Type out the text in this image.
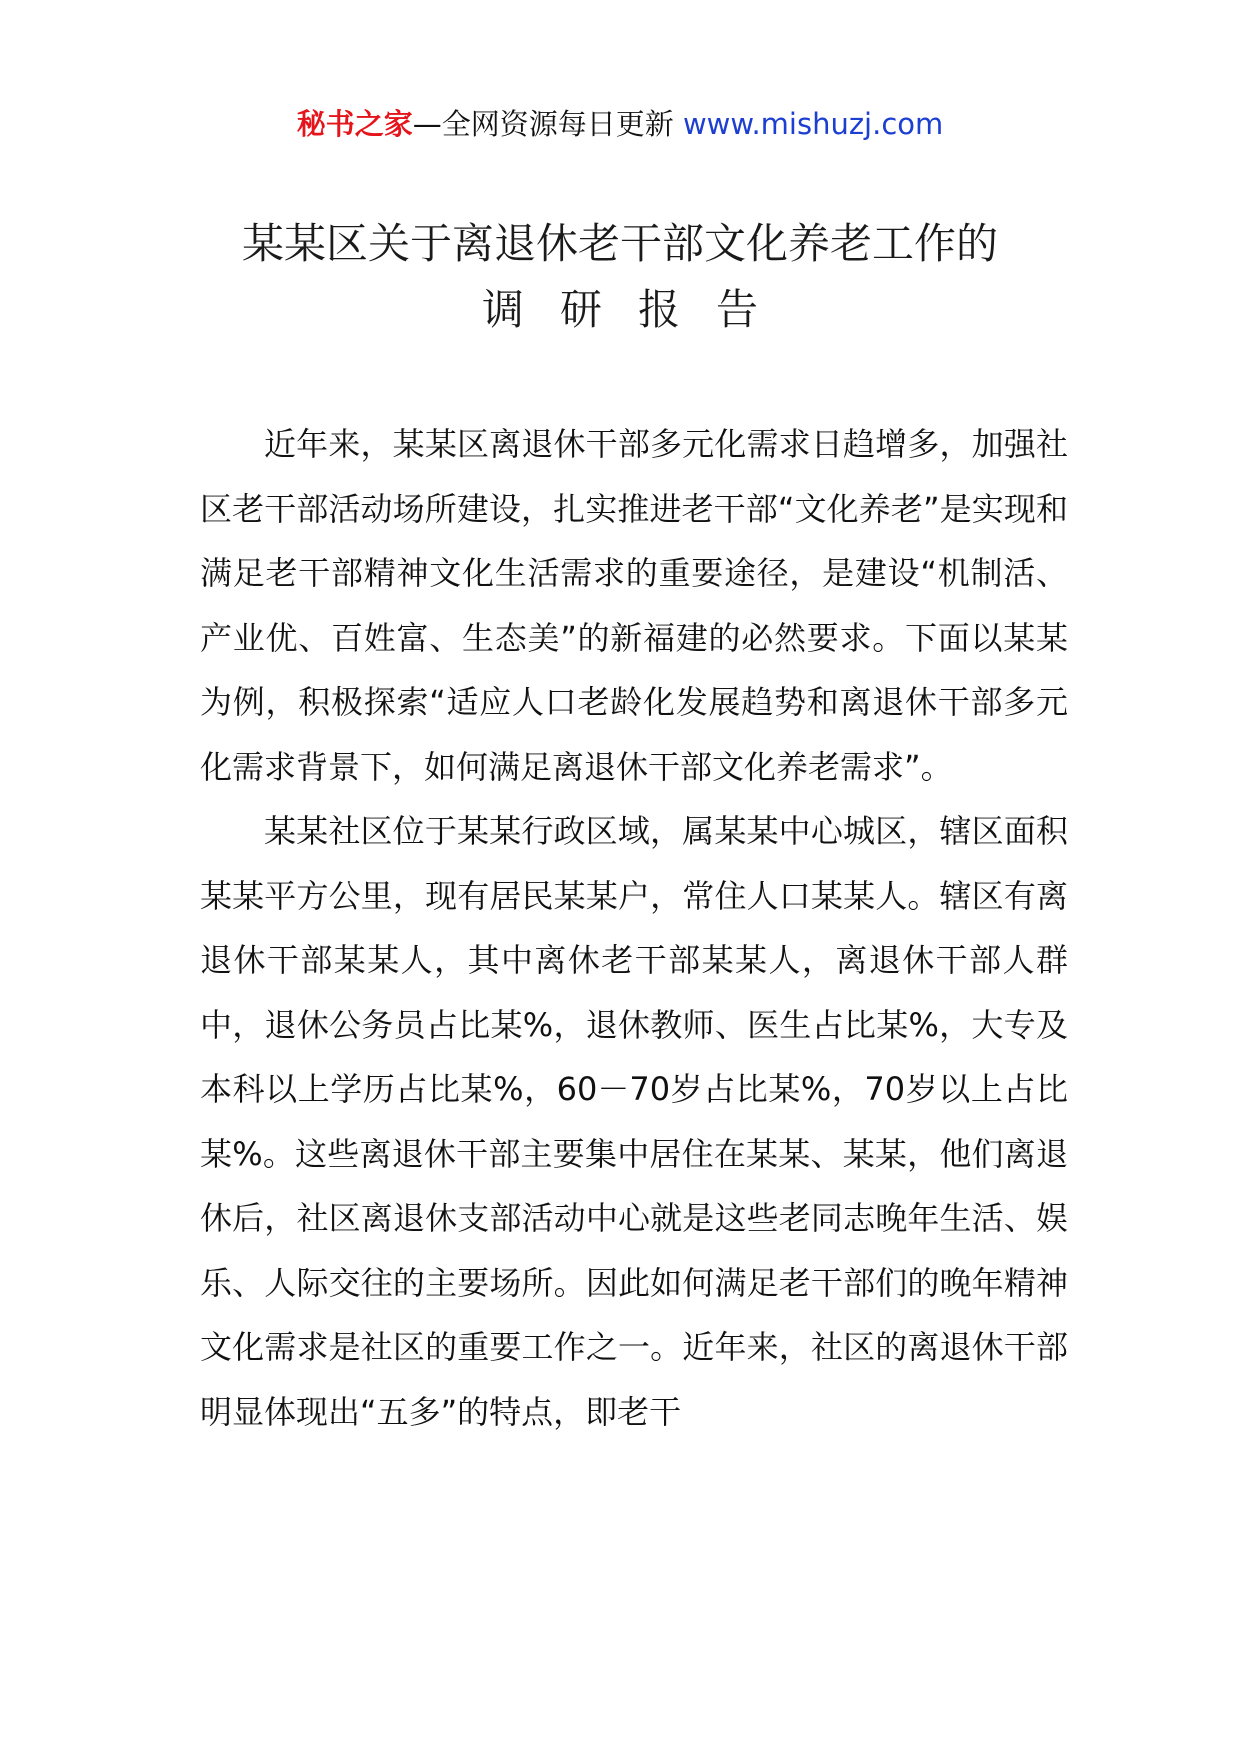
秘书之家—全网资源每日更新 www.mishuzj.com
某某区关于离退休老干部文化养老工作的
调研报告

近年来，某某区离退休干部多元化需求日趋增多，加强社区老干部活动场所建设，扎实推进老干部“文化养老”是实现和满足老干部精神文化生活需求的重要途径，是建设“机制活、产业优、百姓富、生态美”的新福建的必然要求。下面以某某为例，积极探索“适应人口老龄化发展趋势和离退休干部多元化需求背景下，如何满足离退休干部文化养老需求”。

某某社区位于某某行政区域，属某某中心城区，辖区面积某某平方公里，现有居民某某户，常住人口某某人。辖区有离退休干部某某人，其中离休老干部某某人，离退休干部人群中，退休公务员占比某%，退休教师、医生占比某%，大专及本科以上学历占比某%，60－70岁占比某%，70岁以上占比某%。这些离退休干部主要集中居住在某某、某某，他们离退休后，社区离退休支部活动中心就是这些老同志晚年生活、娱乐、人际交往的主要场所。因此如何满足老干部们的晚年精神文化需求是社区的重要工作之一。近年来，社区的离退休干部明显体现出“五多”的特点，即老干
